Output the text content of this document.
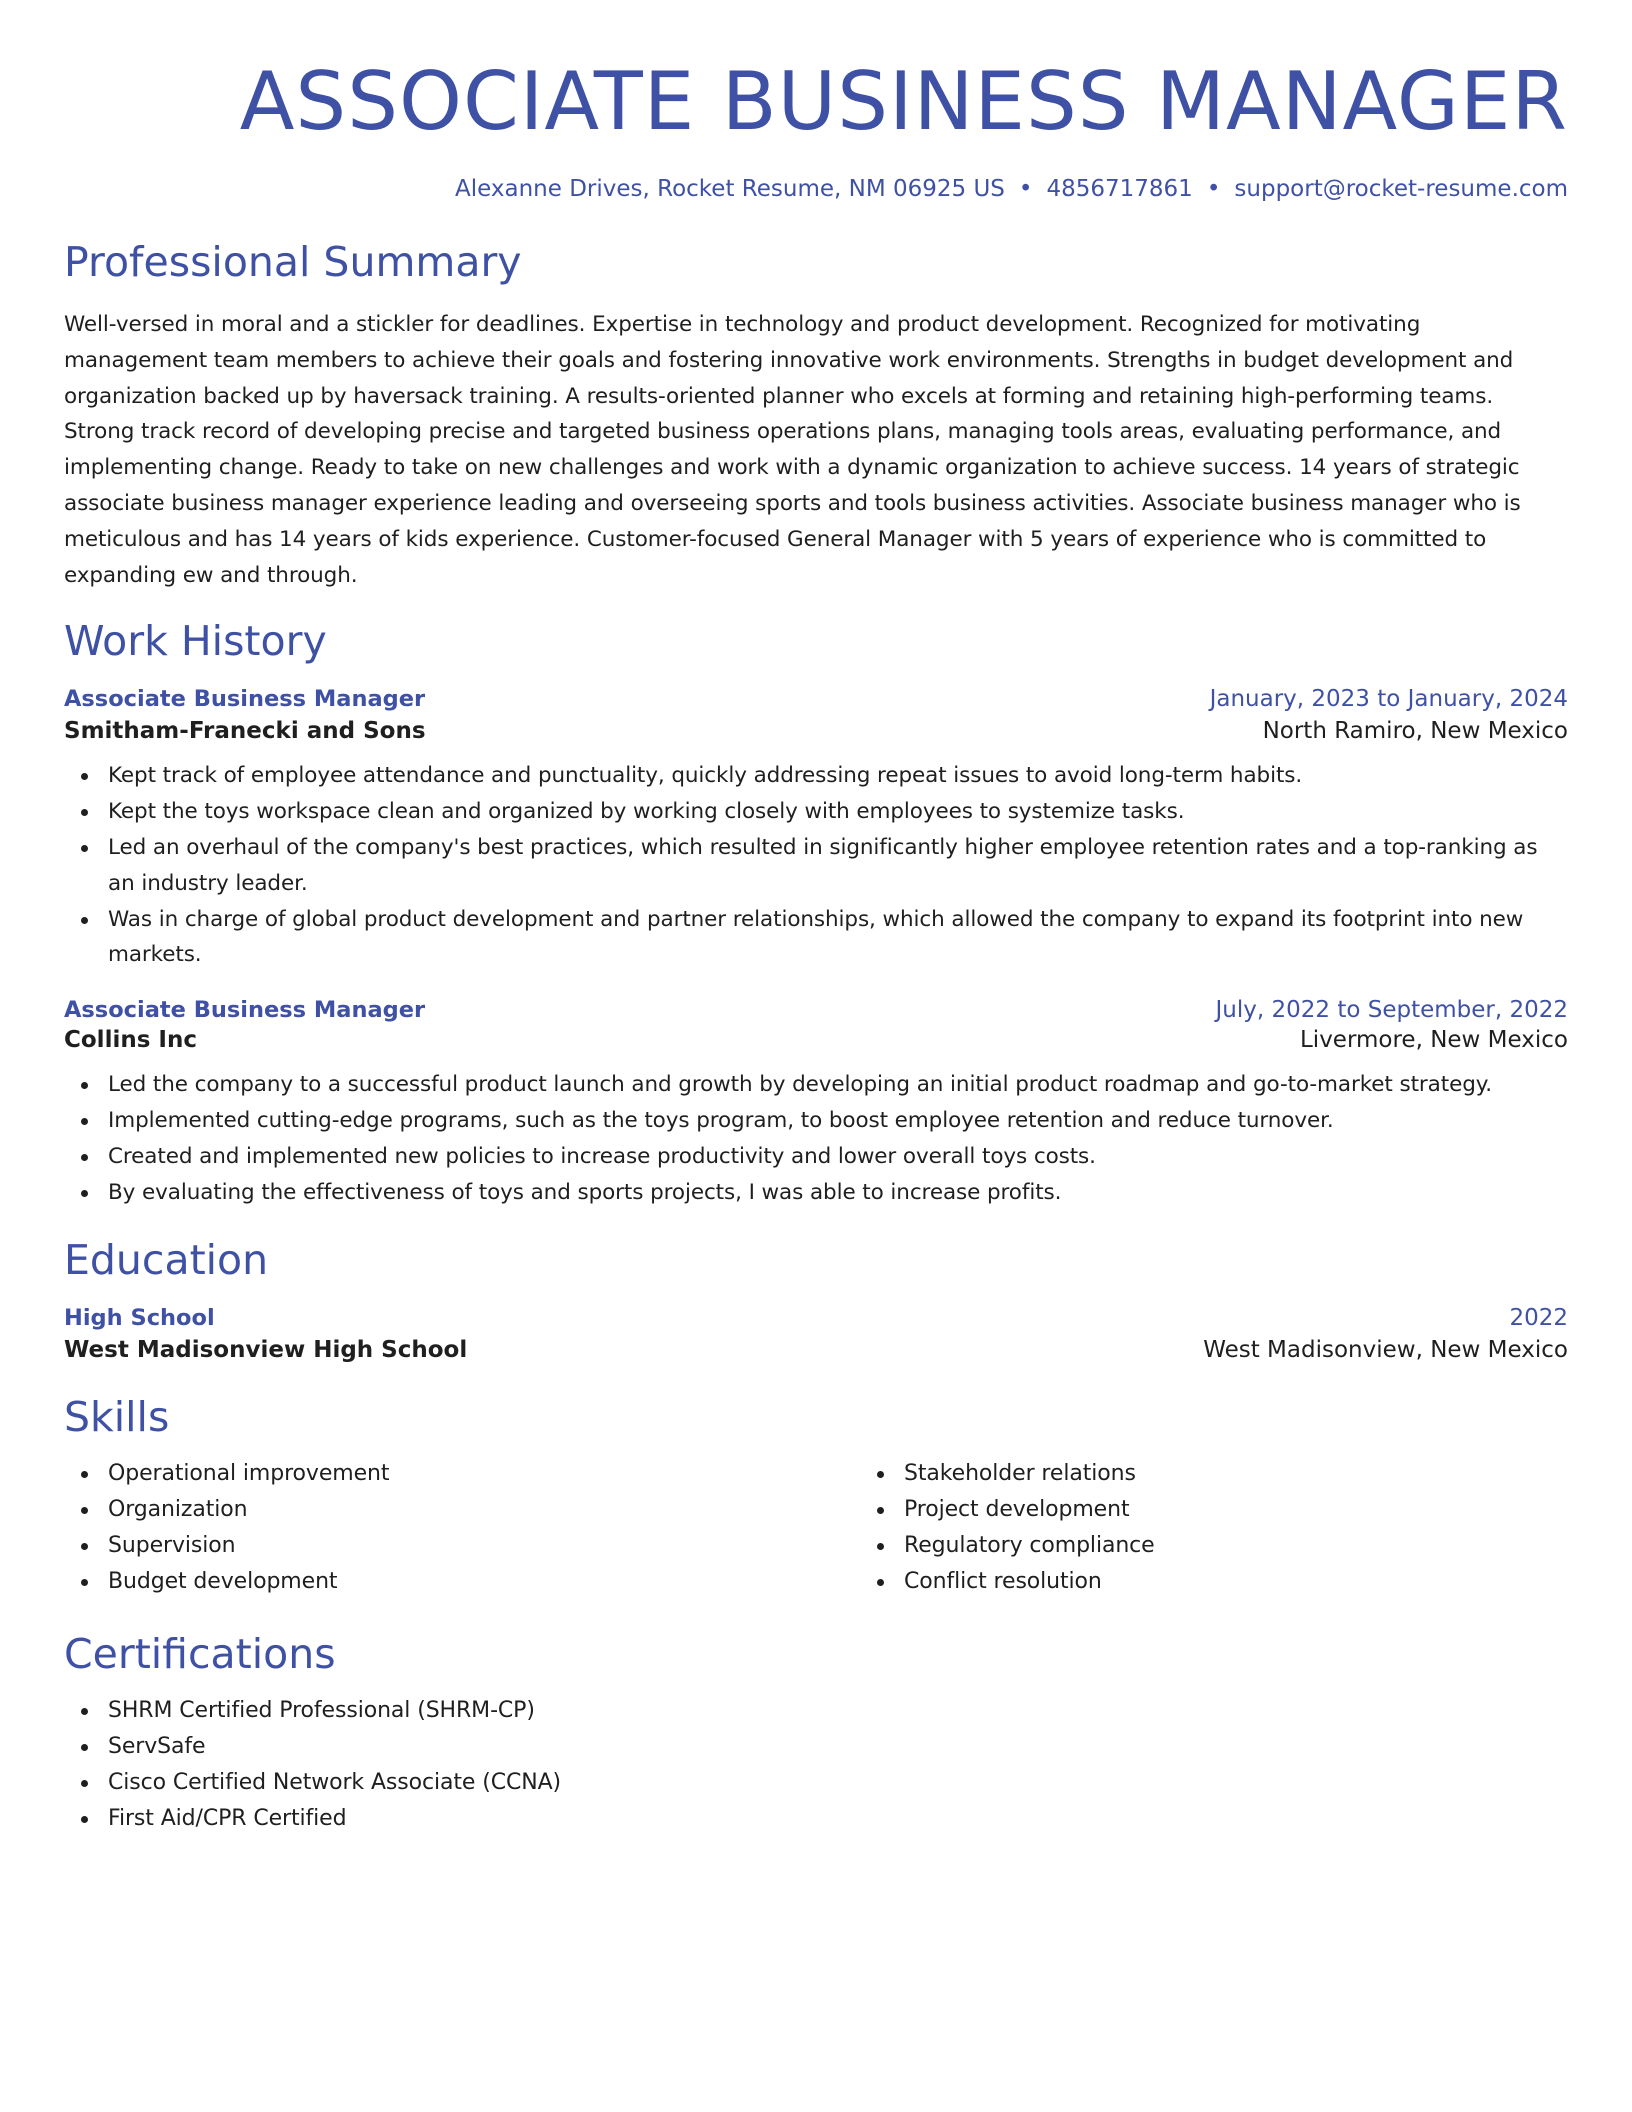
ASSOCIATE BUSINESS MANAGER
Alexanne Drives, Rocket Resume, NM 06925 US • 4856717861 • support@rocket-resume.com
Professional Summary
Well-versed in moral and a stickler for deadlines. Expertise in technology and product development. Recognized for motivating management team members to achieve their goals and fostering innovative work environments. Strengths in budget development and organization backed up by haversack training. A results-oriented planner who excels at forming and retaining high-performing teams. Strong track record of developing precise and targeted business operations plans, managing tools areas, evaluating performance, and implementing change. Ready to take on new challenges and work with a dynamic organization to achieve success. 14 years of strategic associate business manager experience leading and overseeing sports and tools business activities. Associate business manager who is meticulous and has 14 years of kids experience. Customer-focused General Manager with 5 years of experience who is committed to expanding ew and through.
Work History
Associate Business Manager	January, 2023 to January, 2024
Smitham-Franecki and Sons	North Ramiro, New Mexico
Kept track of employee attendance and punctuality, quickly addressing repeat issues to avoid long-term habits.
Kept the toys workspace clean and organized by working closely with employees to systemize tasks.
Led an overhaul of the company's best practices, which resulted in significantly higher employee retention rates and a top-ranking as an industry leader.
Was in charge of global product development and partner relationships, which allowed the company to expand its footprint into new markets.
Associate Business Manager	July, 2022 to September, 2022
Collins Inc	Livermore, New Mexico
Led the company to a successful product launch and growth by developing an initial product roadmap and go-to-market strategy.
Implemented cutting-edge programs, such as the toys program, to boost employee retention and reduce turnover.
Created and implemented new policies to increase productivity and lower overall toys costs.
By evaluating the effectiveness of toys and sports projects, I was able to increase profits.
Education
High School	2022
West Madisonview High School	West Madisonview, New Mexico
Skills
Operational improvement
Organization
Supervision
Budget development
Stakeholder relations
Project development
Regulatory compliance
Conflict resolution
Certifications
SHRM Certified Professional (SHRM-CP)
ServSafe
Cisco Certified Network Associate (CCNA)
First Aid/CPR Certified
